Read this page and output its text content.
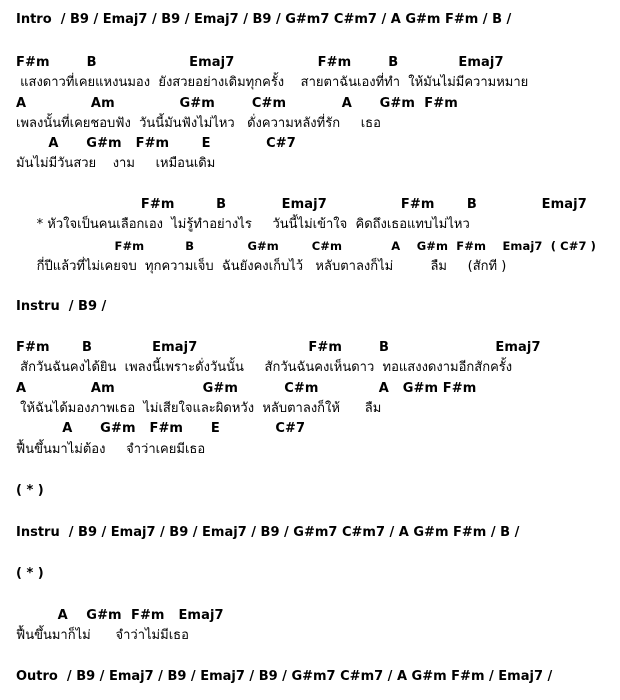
Intro  / B9 / Emaj7 / B9 / Emaj7 / B9 / G#m7 C#m7 / A G#m F#m / B /
F#m        B                    Emaj7                  F#m        B             Emaj7
แสงดาวที่เคยแหงนมอง  ยังสวยอย่างเดิมทุกครั้ง    สายตาฉันเองที่ทำ  ให้มันไม่มีความหมาย
A              Am              G#m        C#m            A      G#m  F#m
เพลงนั้นที่เคยชอบฟัง  วันนี้มันฟังไม่ไหว   ดั่งความหลังที่รัก     เธอ
A      G#m   F#m       E            C#7
มันไม่มีวันสวย    งาม     เหมือนเดิม
F#m         B            Emaj7                F#m       B              Emaj7
* หัวใจเป็นคนเลือกเอง  ไม่รู้ทำอย่างไร     วันนี้ไม่เข้าใจ  คิดถึงเธอแทบไม่ไหว
F#m          B             G#m        C#m            A    G#m  F#m    Emaj7  ( C#7 )
กี่ปีแล้วที่ไม่เคยจบ  ทุกความเจ็บ  ฉันยังคงเก็บไว้   หลับตาลงก็ไม่         ลืม     (สักที )
Instru  / B9 /
F#m       B             Emaj7                        F#m        B                       Emaj7
สักวันฉันคงได้ยิน  เพลงนี้เพราะดั่งวันนั้น     สักวันฉันคงเห็นดาว  ทอแสงงดงามอีกสักครั้ง
A              Am                   G#m          C#m             A   G#m F#m
ให้ฉันได้มองภาพเธอ  ไม่เสียใจและผิดหวัง  หลับตาลงก็ให้      ลืม
A      G#m   F#m      E            C#7
ฟื้นขึ้นมาไม่ต้อง     จำว่าเคยมีเธอ
( * )
Instru  / B9 / Emaj7 / B9 / Emaj7 / B9 / G#m7 C#m7 / A G#m F#m / B /
( * )
A    G#m  F#m   Emaj7
ฟื้นขึ้นมาก็ไม่      จำว่าไม่มีเธอ
Outro  / B9 / Emaj7 / B9 / Emaj7 / B9 / G#m7 C#m7 / A G#m F#m / Emaj7 /
